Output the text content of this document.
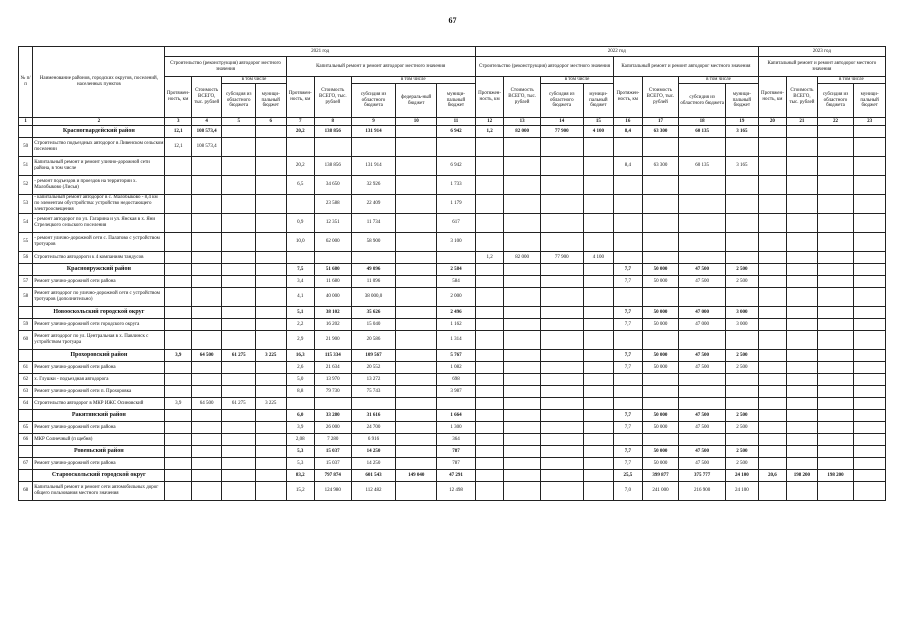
67
№ п/п	Наименование районов, городских округов, поселений, населенных пунктов	2021 год									2022 год								2023 год			
		Строительство (реконструкция) автодорог местного значения				Капитальный ремонт и ремонт автодорог местного значения					Строительство (реконструкция) автодорог местного значения				Капитальный ремонт и ремонт автодорог местного значения				Капитальный ремонт и ремонт автодорог местного значения			
		Протяжен-ность, км	Стоимость ВСЕГО, тыс. рублей	в том числе		Протяжен-ность, км	Стоимость ВСЕГО, тыс. рублей	в том числе			Протяжен-ность, км	Стоимость ВСЕГО, тыс. рублей	в том числе		Протяжен-ность, км	Стоимость ВСЕГО, тыс. рублей	в том числе		Протяжен-ность, км	Стоимость ВСЕГО, тыс. рублей	в том числе	
				субсидия из областного бюджета	муници-пальный бюджет			субсидия из областного бюджета	федераль-ный бюджет	муници-пальный бюджет			субсидия из областного бюджета	муници-пальный бюджет			субсидия из областного бюджета	муници-пальный бюджет			субсидия из областного бюджета	муници-пальный бюджет
1	2	3	4	5	6	7	8	9	10	11	12	13	14	15	16	17	18	19	20	21	22	23
	Красногвардейский район	12,1	108 573,4			20,2	138 856	131 914		6 942	1,2	82 000	77 900	4 100	8,4	63 300	60 135	3 165				
50	Строительство подъездных автодорог в Ливенском сельском поселении	12,1	108 573,4																			
51	Капитальный ремонт и ремонт улично-дорожной сети района, в том числе					20,2	138 856	131 914		6 942					8,4	63 300	60 135	3 165				
52	- ремонт подъездов и проездов на территории х. Малобыково (Лисья)					6,5	34 650	32 926		1 733												
53	- капитальный ремонт автодорог в с. Малобыково - 8,4 км по элементам обустройства: устройство недостающего электроосвещения						23 588	22 409		1 179												
54	- ремонт автодорог по ул. Гагарина и ул. Янская в х. Яни Стрелецкого сельского поселения					0,9	12 351	11 734		617												
55	- ремонт улично-дорожной сети с. Палатово с устройством тротуаров					10,0	62 000	58 900		3 100												
56	Строительство автодороги к 4 компаниям тандусов										1,2	82 000	77 900	4 100								
	Краснояружский район					7,5	51 680	49 096		2 584					7,7	50 000	47 500	2 500				
57	Ремонт улично-дорожной сети района					3,4	11 680	11 096		584					7,7	50 000	47 500	2 500				
58	Ремонт автодорог по улично-дорожной сети с устройством тротуаров (дополнительно)					4,1	40 000	38 000,0		2 000												
	Новооскольский городской округ					5,1	38 102	35 626		2 496					7,7	50 000	47 000	3 000				
59	Ремонт улично-дорожной сети городского округа					2,2	16 202	15 040		1 162					7,7	50 000	47 000	3 000				
60	Ремонт автодорог по ул. Центральная в х. Павлинск с устройством тротуара					2,9	21 900	20 586		1 314												
	Прохоровский район	3,9	64 500	61 275	3 225	16,3	115 334	109 567		5 767					7,7	50 000	47 500	2 500				
61	Ремонт улично-дорожной сети района					2,6	21 634	20 552		1 082					7,7	50 000	47 500	2 500				
62	х. Глушки - подъездная автодорога					5,0	13 970	13 272		698												
63	Ремонт улично-дорожной сети п. Прохоровка					8,8	79 730	75 743		3 987												
64	Строительство автодорог в МКР ИЖС Осиновский	3,9	64 500	61 275	3 225																	
	Ракитянский район					6,0	33 280	31 616		1 664					7,7	50 000	47 500	2 500				
65	Ремонт улично-дорожной сети района					3,9	26 000	24 700		1 300					7,7	50 000	47 500	2 500				
66	МКР Солнечный (п щебня)					2,08	7 280	6 916		364												
	Ровеньский район					5,3	15 037	14 250		787					7,7	50 000	47 500	2 500				
67	Ремонт улично-дорожной сети района					5,3	15 037	14 250		787					7,7	50 000	47 500	2 500				
	Старооскольский городской округ					83,2	797 874	601 543	149 040	47 291					25,5	399 877	375 777	24 100	20,6	198 200	198 200	
68	Капитальный ремонт и ремонт сети автомобильных дорог общего пользования местного значения					15,2	124 980	112 482		12 498					7,0	241 000	216 900	24 100				
